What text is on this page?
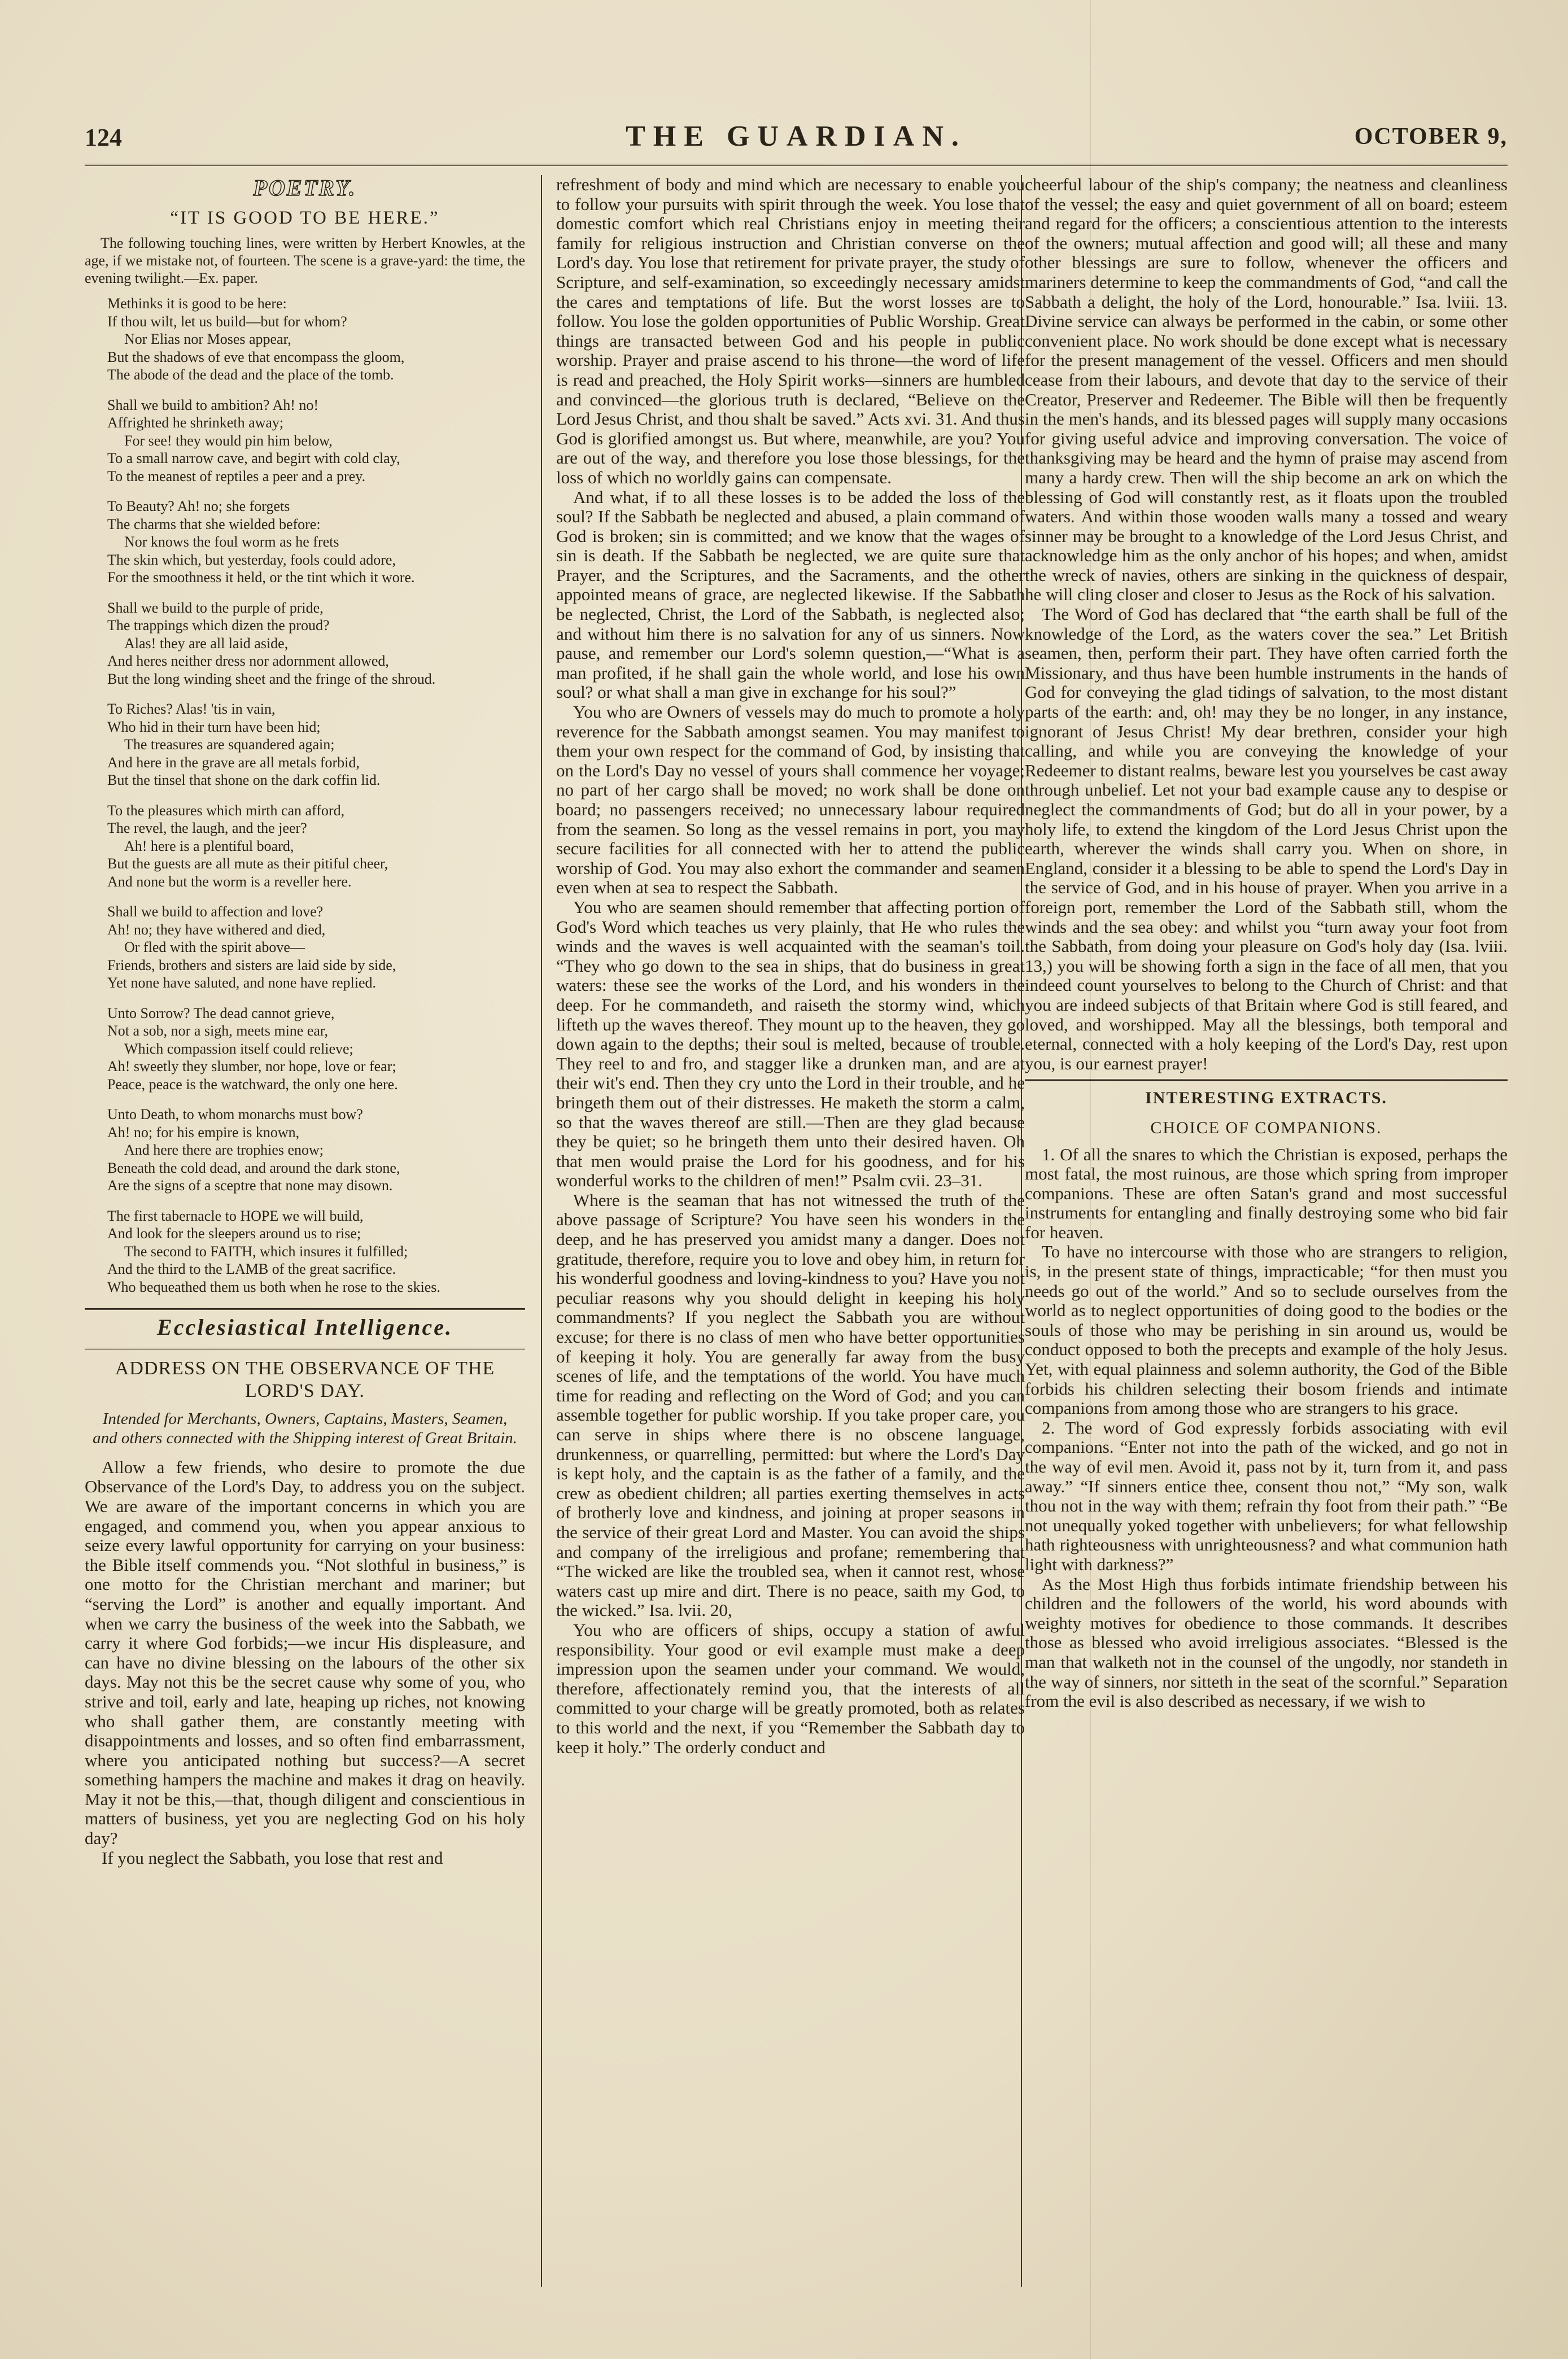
124	THE GUARDIAN.	OCTOBER 9,
POETRY.
“IT IS GOOD TO BE HERE.”

The following touching lines, were written by Herbert Knowles, at the age, if we mistake not, of fourteen. The scene is a grave-yard: the time, the evening twilight.—Ex. paper.

Methinks it is good to be here:
If thou wilt, let us build—but for whom?
Nor Elias nor Moses appear,
But the shadows of eve that encompass the gloom,
The abode of the dead and the place of the tomb.
Shall we build to ambition? Ah! no!
Affrighted he shrinketh away;
For see! they would pin him below,
To a small narrow cave, and begirt with cold clay,
To the meanest of reptiles a peer and a prey.
To Beauty? Ah! no; she forgets
The charms that she wielded before:
Nor knows the foul worm as he frets
The skin which, but yesterday, fools could adore,
For the smoothness it held, or the tint which it wore.
Shall we build to the purple of pride,
The trappings which dizen the proud?
Alas! they are all laid aside,
And heres neither dress nor adornment allowed,
But the long winding sheet and the fringe of the shroud.
To Riches? Alas! 'tis in vain,
Who hid in their turn have been hid;
The treasures are squandered again;
And here in the grave are all metals forbid,
But the tinsel that shone on the dark coffin lid.
To the pleasures which mirth can afford,
The revel, the laugh, and the jeer?
Ah! here is a plentiful board,
But the guests are all mute as their pitiful cheer,
And none but the worm is a reveller here.
Shall we build to affection and love?
Ah! no; they have withered and died,
Or fled with the spirit above—
Friends, brothers and sisters are laid side by side,
Yet none have saluted, and none have replied.
Unto Sorrow? The dead cannot grieve,
Not a sob, nor a sigh, meets mine ear,
Which compassion itself could relieve;
Ah! sweetly they slumber, nor hope, love or fear;
Peace, peace is the watchward, the only one here.
Unto Death, to whom monarchs must bow?
Ah! no; for his empire is known,
And here there are trophies enow;
Beneath the cold dead, and around the dark stone,
Are the signs of a sceptre that none may disown.
The first tabernacle to HOPE we will build,
And look for the sleepers around us to rise;
The second to FAITH, which insures it fulfilled;
And the third to the LAMB of the great sacrifice.
Who bequeathed them us both when he rose to the skies.
Ecclesiastical Intelligence.
ADDRESS ON THE OBSERVANCE OF THE LORD'S DAY.
Intended for Merchants, Owners, Captains, Masters, Seamen, and others connected with the Shipping interest of Great Britain.

Allow a few friends, who desire to promote the due Observance of the Lord's Day, to address you on the subject. We are aware of the important concerns in which you are engaged, and commend you, when you appear anxious to seize every lawful opportunity for carrying on your business: the Bible itself commends you. “Not slothful in business,” is one motto for the Christian merchant and mariner; but “serving the Lord” is another and equally important. And when we carry the business of the week into the Sabbath, we carry it where God forbids;—we incur His displeasure, and can have no divine blessing on the labours of the other six days. May not this be the secret cause why some of you, who strive and toil, early and late, heaping up riches, not knowing who shall gather them, are constantly meeting with disappointments and losses, and so often find embarrassment, where you anticipated nothing but success?—A secret something hampers the machine and makes it drag on heavily. May it not be this,—that, though diligent and conscientious in matters of business, yet you are neglecting God on his holy day?

If you neglect the Sabbath, you lose that rest and

refreshment of body and mind which are necessary to enable you to follow your pursuits with spirit through the week. You lose that domestic comfort which real Christians enjoy in meeting their family for religious instruction and Christian converse on the Lord's day. You lose that retirement for private prayer, the study of Scripture, and self-examination, so exceedingly necessary amidst the cares and temptations of life. But the worst losses are to follow. You lose the golden opportunities of Public Worship. Great things are transacted between God and his people in public worship. Prayer and praise ascend to his throne—the word of life is read and preached, the Holy Spirit works—sinners are humbled and convinced—the glorious truth is declared, “Believe on the Lord Jesus Christ, and thou shalt be saved.” Acts xvi. 31. And thus God is glorified amongst us. But where, meanwhile, are you? You are out of the way, and therefore you lose those blessings, for the loss of which no worldly gains can compensate.

And what, if to all these losses is to be added the loss of the soul? If the Sabbath be neglected and abused, a plain command of God is broken; sin is committed; and we know that the wages of sin is death. If the Sabbath be neglected, we are quite sure that Prayer, and the Scriptures, and the Sacraments, and the other appointed means of grace, are neglected likewise. If the Sabbath be neglected, Christ, the Lord of the Sabbath, is neglected also; and without him there is no salvation for any of us sinners. Now pause, and remember our Lord's solemn question,—“What is a man profited, if he shall gain the whole world, and lose his own soul? or what shall a man give in exchange for his soul?”

You who are Owners of vessels may do much to promote a holy reverence for the Sabbath amongst seamen. You may manifest to them your own respect for the command of God, by insisting that on the Lord's Day no vessel of yours shall commence her voyage; no part of her cargo shall be moved; no work shall be done on board; no passengers received; no unnecessary labour required from the seamen. So long as the vessel remains in port, you may secure facilities for all connected with her to attend the public worship of God. You may also exhort the commander and seamen even when at sea to respect the Sabbath.

You who are seamen should remember that affecting portion of God's Word which teaches us very plainly, that He who rules the winds and the waves is well acquainted with the seaman's toil. “They who go down to the sea in ships, that do business in great waters: these see the works of the Lord, and his wonders in the deep. For he commandeth, and raiseth the stormy wind, which lifteth up the waves thereof. They mount up to the heaven, they go down again to the depths; their soul is melted, because of trouble. They reel to and fro, and stagger like a drunken man, and are at their wit's end. Then they cry unto the Lord in their trouble, and he bringeth them out of their distresses. He maketh the storm a calm, so that the waves thereof are still.—Then are they glad because they be quiet; so he bringeth them unto their desired haven. Oh that men would praise the Lord for his goodness, and for his wonderful works to the children of men!” Psalm cvii. 23–31.

Where is the seaman that has not witnessed the truth of the above passage of Scripture? You have seen his wonders in the deep, and he has preserved you amidst many a danger. Does not gratitude, therefore, require you to love and obey him, in return for his wonderful goodness and loving-kindness to you? Have you not peculiar reasons why you should delight in keeping his holy commandments? If you neglect the Sabbath you are without excuse; for there is no class of men who have better opportunities of keeping it holy. You are generally far away from the busy scenes of life, and the temptations of the world. You have much time for reading and reflecting on the Word of God; and you can assemble together for public worship. If you take proper care, you can serve in ships where there is no obscene language, drunkenness, or quarrelling, permitted: but where the Lord's Day is kept holy, and the captain is as the father of a family, and the crew as obedient children; all parties exerting themselves in acts of brotherly love and kindness, and joining at proper seasons in the service of their great Lord and Master. You can avoid the ships and company of the irreligious and profane; remembering that “The wicked are like the troubled sea, when it cannot rest, whose waters cast up mire and dirt. There is no peace, saith my God, to the wicked.” Isa. lvii. 20,

You who are officers of ships, occupy a station of awful responsibility. Your good or evil example must make a deep impression upon the seamen under your command. We would, therefore, affectionately remind you, that the interests of all committed to your charge will be greatly promoted, both as relates to this world and the next, if you “Remember the Sabbath day to keep it holy.” The orderly conduct and

cheerful labour of the ship's company; the neatness and cleanliness of the vessel; the easy and quiet government of all on board; esteem and regard for the officers; a conscientious attention to the interests of the owners; mutual affection and good will; all these and many other blessings are sure to follow, whenever the officers and mariners determine to keep the commandments of God, “and call the Sabbath a delight, the holy of the Lord, honourable.” Isa. lviii. 13. Divine service can always be performed in the cabin, or some other convenient place. No work should be done except what is necessary for the present management of the vessel. Officers and men should cease from their labours, and devote that day to the service of their Creator, Preserver and Redeemer. The Bible will then be frequently in the men's hands, and its blessed pages will supply many occasions for giving useful advice and improving conversation. The voice of thanksgiving may be heard and the hymn of praise may ascend from many a hardy crew. Then will the ship become an ark on which the blessing of God will constantly rest, as it floats upon the troubled waters. And within those wooden walls many a tossed and weary sinner may be brought to a knowledge of the Lord Jesus Christ, and acknowledge him as the only anchor of his hopes; and when, amidst the wreck of navies, others are sinking in the quickness of despair, he will cling closer and closer to Jesus as the Rock of his salvation.

The Word of God has declared that “the earth shall be full of the knowledge of the Lord, as the waters cover the sea.” Let British seamen, then, perform their part. They have often carried forth the Missionary, and thus have been humble instruments in the hands of God for conveying the glad tidings of salvation, to the most distant parts of the earth: and, oh! may they be no longer, in any instance, ignorant of Jesus Christ! My dear brethren, consider your high calling, and while you are conveying the knowledge of your Redeemer to distant realms, beware lest you yourselves be cast away through unbelief. Let not your bad example cause any to despise or neglect the commandments of God; but do all in your power, by a holy life, to extend the kingdom of the Lord Jesus Christ upon the earth, wherever the winds shall carry you. When on shore, in England, consider it a blessing to be able to spend the Lord's Day in the service of God, and in his house of prayer. When you arrive in a foreign port, remember the Lord of the Sabbath still, whom the winds and the sea obey: and whilst you “turn away your foot from the Sabbath, from doing your pleasure on God's holy day (Isa. lviii. 13,) you will be showing forth a sign in the face of all men, that you indeed count yourselves to belong to the Church of Christ: and that you are indeed subjects of that Britain where God is still feared, and loved, and worshipped. May all the blessings, both temporal and eternal, connected with a holy keeping of the Lord's Day, rest upon you, is our earnest prayer!

INTERESTING EXTRACTS.
CHOICE OF COMPANIONS.

1. Of all the snares to which the Christian is exposed, perhaps the most fatal, the most ruinous, are those which spring from improper companions. These are often Satan's grand and most successful instruments for entangling and finally destroying some who bid fair for heaven.

To have no intercourse with those who are strangers to religion, is, in the present state of things, impracticable; “for then must you needs go out of the world.” And so to seclude ourselves from the world as to neglect opportunities of doing good to the bodies or the souls of those who may be perishing in sin around us, would be conduct opposed to both the precepts and example of the holy Jesus. Yet, with equal plainness and solemn authority, the God of the Bible forbids his children selecting their bosom friends and intimate companions from among those who are strangers to his grace.

2. The word of God expressly forbids associating with evil companions. “Enter not into the path of the wicked, and go not in the way of evil men. Avoid it, pass not by it, turn from it, and pass away.” “If sinners entice thee, consent thou not,” “My son, walk thou not in the way with them; refrain thy foot from their path.” “Be not unequally yoked together with unbelievers; for what fellowship hath righteousness with unrighteousness? and what communion hath light with darkness?”

As the Most High thus forbids intimate friendship between his children and the followers of the world, his word abounds with weighty motives for obedience to those commands. It describes those as blessed who avoid irreligious associates. “Blessed is the man that walketh not in the counsel of the ungodly, nor standeth in the way of sinners, nor sitteth in the seat of the scornful.” Separation from the evil is also described as necessary, if we wish to
